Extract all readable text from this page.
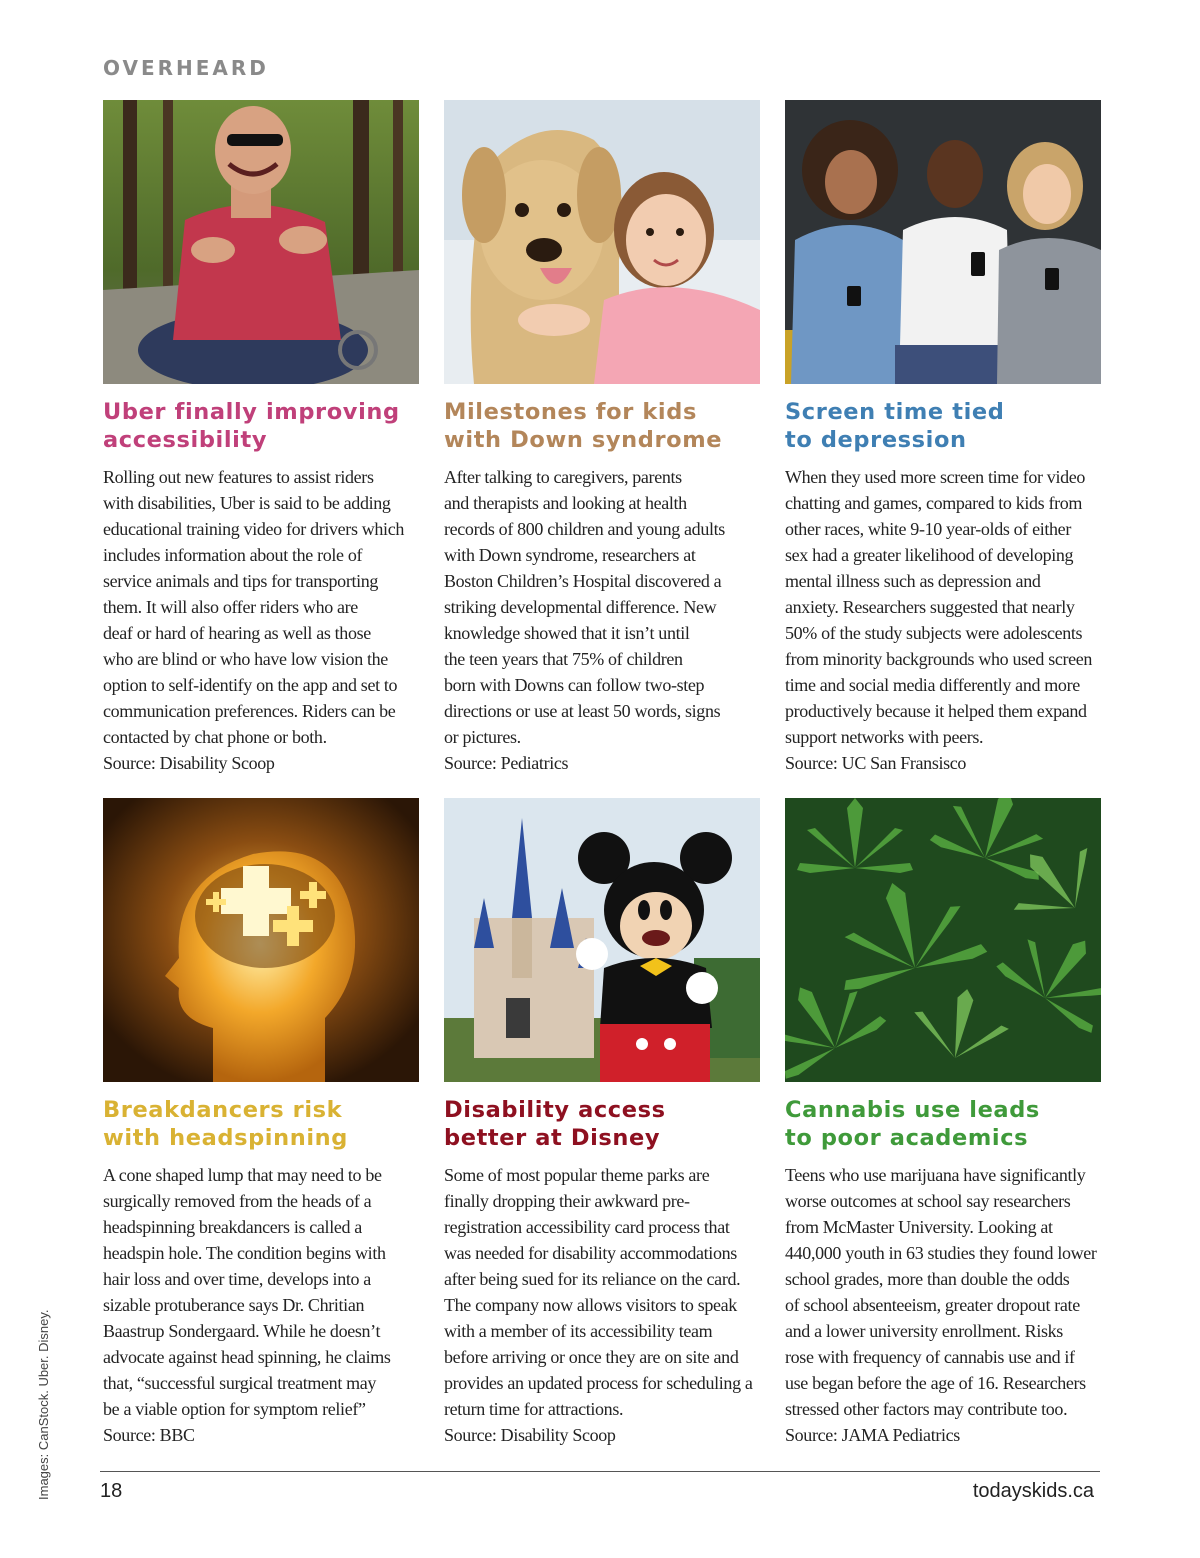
OVERHEARD
Uber finally improving
accessibility
Rolling out new features to assist riders
with disabilities, Uber is said to be adding
educational training video for drivers which
includes information about the role of
service animals and tips for transporting
them. It will also offer riders who are
deaf or hard of hearing as well as those
who are blind or who have low vision the
option to self-identify on the app and set to
communication preferences. Riders can be
contacted by chat phone or both.
Source: Disability Scoop
Milestones for kids
with Down syndrome
After talking to caregivers, parents
and therapists and looking at health
records of 800 children and young adults
with Down syndrome, researchers at
Boston Children’s Hospital discovered a
striking developmental difference. New
knowledge showed that it isn’t until
the teen years that 75% of children
born with Downs can follow two-step
directions or use at least 50 words, signs
or pictures.
Source: Pediatrics
Screen time tied
to depression
When they used more screen time for video
chatting and games, compared to kids from
other races, white 9-10 year-olds of either
sex had a greater likelihood of developing
mental illness such as depression and
anxiety. Researchers suggested that nearly
50% of the study subjects were adolescents
from minority backgrounds who used screen
time and social media differently and more
productively because it helped them expand
support networks with peers.
Source: UC San Fransisco
Breakdancers risk
with headspinning
A cone shaped lump that may need to be
surgically removed from the heads of a
headspinning breakdancers is called a
headspin hole. The condition begins with
hair loss and over time, develops into a
sizable protuberance says Dr. Chritian
Baastrup Sondergaard. While he doesn’t
advocate against head spinning, he claims
that, “successful surgical treatment may
be a viable option for symptom relief”
Source: BBC
Disability access
better at Disney
Some of most popular theme parks are
finally dropping their awkward pre-
registration accessibility card process that
was needed for disability accommodations
after being sued for its reliance on the card.
The company now allows visitors to speak
with a member of its accessibility team
before arriving or once they are on site and
provides an updated process for scheduling a
return time for attractions.
Source: Disability Scoop
Cannabis use leads
to poor academics
Teens who use marijuana have significantly
worse outcomes at school say researchers
from McMaster University. Looking at
440,000 youth in 63 studies they found lower
school grades, more than double the odds
of school absenteeism, greater dropout rate
and a lower university enrollment. Risks
rose with frequency of cannabis use and if
use began before the age of 16. Researchers
stressed other factors may contribute too.
Source: JAMA Pediatrics
Images: CanStock. Uber. Disney. 18	todayskids.ca
